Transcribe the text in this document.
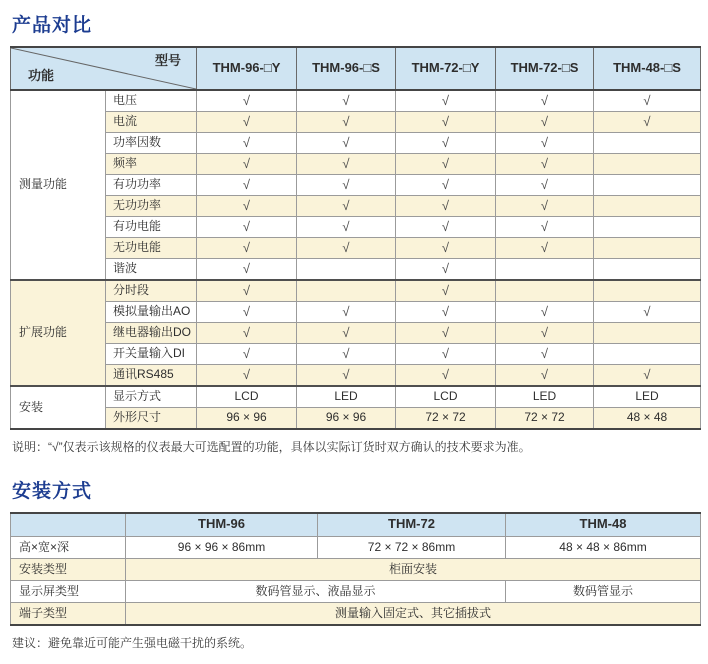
产品对比
型号
功能		THM-96-□Y	THM-96-□S	THM-72-□Y	THM-72-□S	THM-48-□S
测量功能	电压	√	√	√	√	√
	电流	√	√	√	√	√
	功率因数	√	√	√	√	
	频率	√	√	√	√	
	有功功率	√	√	√	√	
	无功功率	√	√	√	√	
	有功电能	√	√	√	√	
	无功电能	√	√	√	√	
	谐波	√		√		
扩展功能	分时段	√		√		
	模拟量输出AO	√	√	√	√	√
	继电器输出DO	√	√	√	√	
	开关量输入DI	√	√	√	√	
	通讯RS485	√	√	√	√	√
安装	显示方式	LCD	LED	LCD	LED	LED
	外形尺寸	96 × 96	96 × 96	72 × 72	72 × 72	48 × 48

说明：“√”仅表示该规格的仪表最大可选配置的功能，具体以实际订货时双方确认的技术要求为准。

安装方式
	THM-96	THM-72	THM-48
高×宽×深	96 × 96 × 86mm	72 × 72 × 86mm	48 × 48 × 86mm
安装类型	柜面安装		
显示屏类型	数码管显示、液晶显示		数码管显示
端子类型	测量输入固定式、其它插拔式		

建议：避免靠近可能产生强电磁干扰的系统。
